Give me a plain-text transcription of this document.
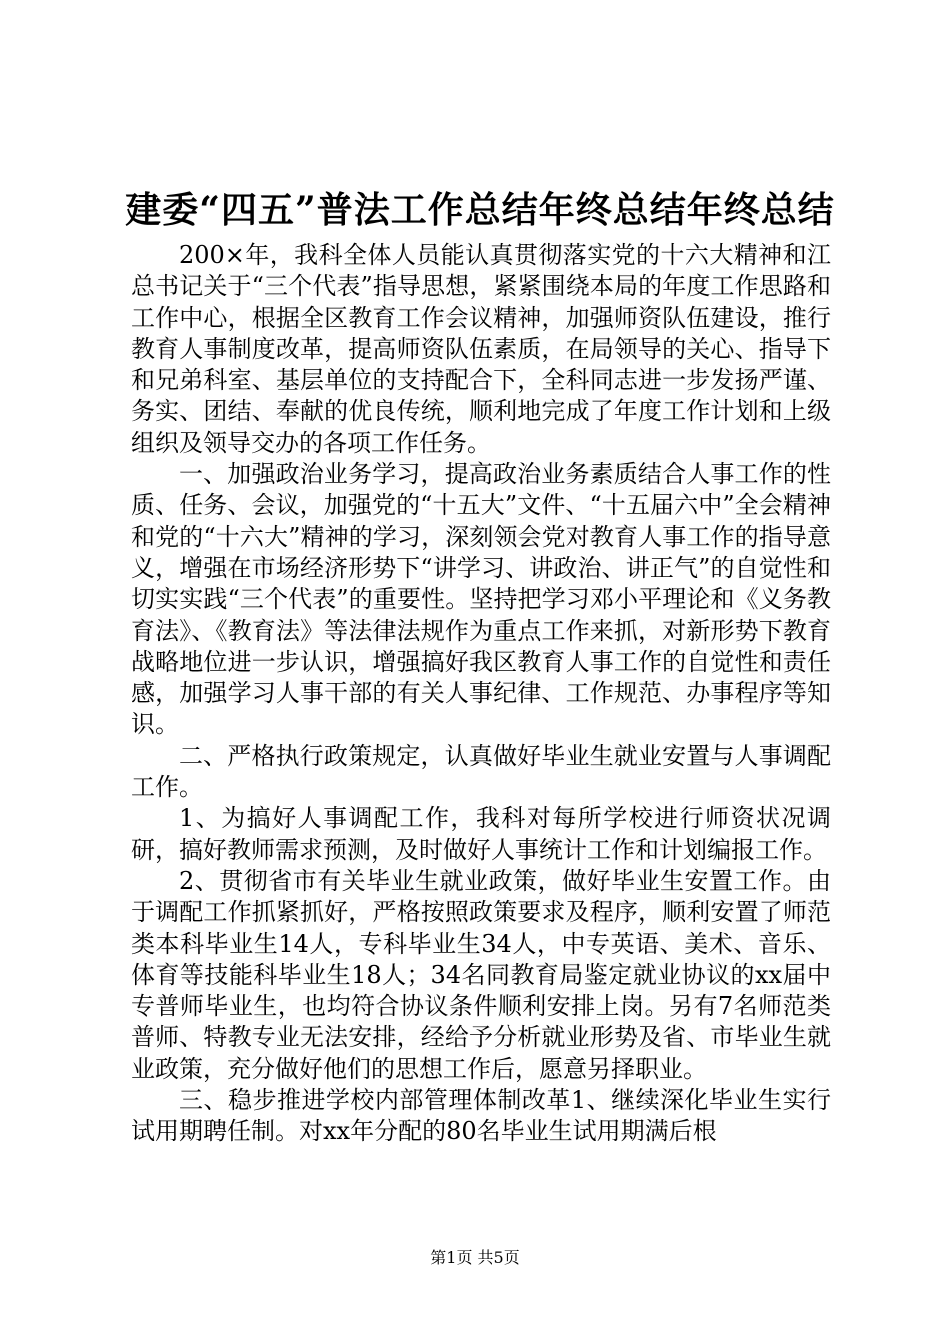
建委“四五”普法工作总结年终总结年终总结

200×年，我科全体人员能认真贯彻落实党的十六大精神和江总书记关于“三个代表”指导思想，紧紧围绕本局的年度工作思路和工作中心，根据全区教育工作会议精神，加强师资队伍建设，推行教育人事制度改革，提高师资队伍素质，在局领导的关心、指导下和兄弟科室、基层单位的支持配合下，全科同志进一步发扬严谨、务实、团结、奉献的优良传统，顺利地完成了年度工作计划和上级组织及领导交办的各项工作任务。

一、加强政治业务学习，提高政治业务素质结合人事工作的性质、任务、会议，加强党的“十五大”文件、“十五届六中”全会精神和党的“十六大”精神的学习，深刻领会党对教育人事工作的指导意义，增强在市场经济形势下“讲学习、讲政治、讲正气”的自觉性和切实实践“三个代表”的重要性。坚持把学习邓小平理论和《义务教育法》、《教育法》等法律法规作为重点工作来抓，对新形势下教育战略地位进一步认识，增强搞好我区教育人事工作的自觉性和责任感，加强学习人事干部的有关人事纪律、工作规范、办事程序等知识。

二、严格执行政策规定，认真做好毕业生就业安置与人事调配工作。

1、为搞好人事调配工作，我科对每所学校进行师资状况调研，搞好教师需求预测，及时做好人事统计工作和计划编报工作。

2、贯彻省市有关毕业生就业政策，做好毕业生安置工作。由于调配工作抓紧抓好，严格按照政策要求及程序，顺利安置了师范类本科毕业生14人，专科毕业生34人，中专英语、美术、音乐、体育等技能科毕业生18人；34名同教育局鉴定就业协议的xx届中专普师毕业生，也均符合协议条件顺利安排上岗。另有7名师范类普师、特教专业无法安排，经给予分析就业形势及省、市毕业生就业政策，充分做好他们的思想工作后，愿意另择职业。

三、稳步推进学校内部管理体制改革1、继续深化毕业生实行试用期聘任制。对xx年分配的80名毕业生试用期满后根

第1页 共5页
